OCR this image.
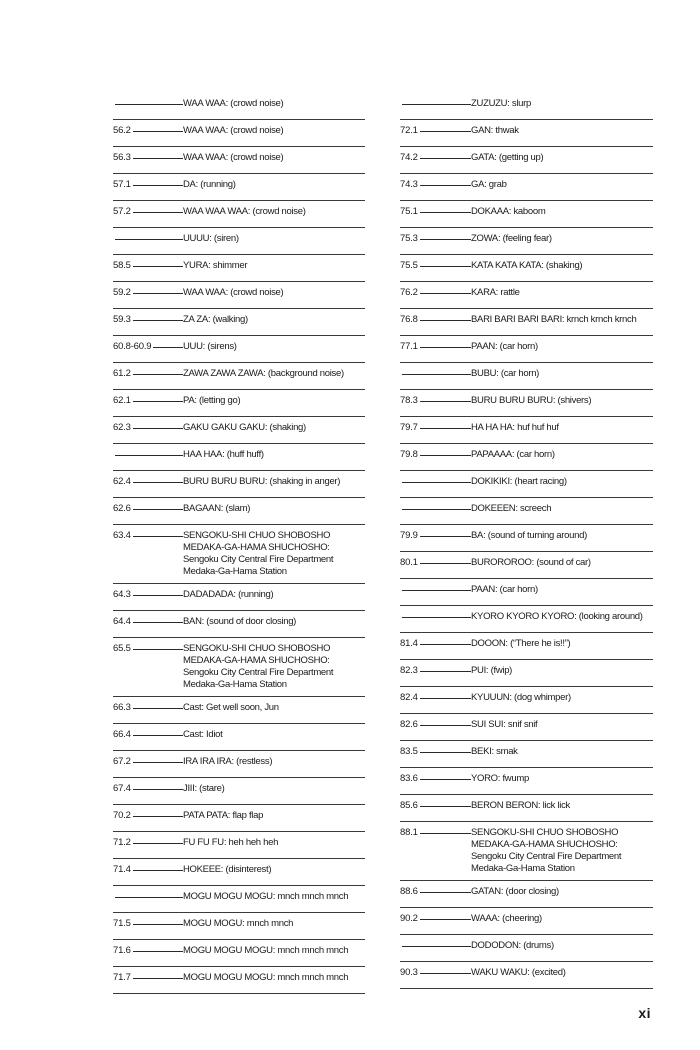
WAA WAA: (crowd noise)
56.2	WAA WAA: (crowd noise)
56.3	WAA WAA: (crowd noise)
57.1	DA: (running)
57.2	WAA WAA WAA: (crowd noise)
UUUU: (siren)
58.5	YURA: shimmer
59.2	WAA WAA: (crowd noise)
59.3	ZA ZA: (walking)
60.8-60.9	UUU: (sirens)
61.2	ZAWA ZAWA ZAWA: (background noise)
62.1	PA: (letting go)
62.3	GAKU GAKU GAKU: (shaking)
HAA HAA: (huff huff)
62.4	BURU BURU BURU: (shaking in anger)
62.6	BAGAAN: (slam)
63.4	SENGOKU-SHI CHUO SHOBOSHO MEDAKA-GA-HAMA SHUCHOSHO: Sengoku City Central Fire Department Medaka-Ga-Hama Station
64.3	DADADADA: (running)
64.4	BAN: (sound of door closing)
65.5	SENGOKU-SHI CHUO SHOBOSHO MEDAKA-GA-HAMA SHUCHOSHO: Sengoku City Central Fire Department Medaka-Ga-Hama Station
66.3	Cast: Get well soon, Jun
66.4	Cast: Idiot
67.2	IRA IRA IRA: (restless)
67.4	JIII: (stare)
70.2	PATA PATA: flap flap
71.2	FU FU FU: heh heh heh
71.4	HOKEEE: (disinterest)
MOGU MOGU MOGU: mnch mnch mnch
71.5	MOGU MOGU: mnch mnch
71.6	MOGU MOGU MOGU: mnch mnch mnch
71.7	MOGU MOGU MOGU: mnch mnch mnch
ZUZUZU: slurp
72.1	GAN: thwak
74.2	GATA: (getting up)
74.3	GA: grab
75.1	DOKAAA: kaboom
75.3	ZOWA: (feeling fear)
75.5	KATA KATA KATA: (shaking)
76.2	KARA: rattle
76.8	BARI BARI BARI BARI: krnch krnch krnch
77.1	PAAN: (car horn)
BUBU: (car horn)
78.3	BURU BURU BURU: (shivers)
79.7	HA HA HA: huf huf huf
79.8	PAPAAAA: (car horn)
DOKIKIKI: (heart racing)
DOKEEEN: screech
79.9	BA: (sound of turning around)
80.1	BUROROROO: (sound of car)
PAAN: (car horn)
KYORO KYORO KYORO: (looking around)
81.4	DOOON: (“There he is!!”)
82.3	PUI: (fwip)
82.4	KYUUUN: (dog whimper)
82.6	SUI SUI: snif snif
83.5	BEKI: smak
83.6	YORO: fwump
85.6	BERON BERON: lick lick
88.1	SENGOKU-SHI CHUO SHOBOSHO MEDAKA-GA-HAMA SHUCHOSHO: Sengoku City Central Fire Department Medaka-Ga-Hama Station
88.6	GATAN: (door closing)
90.2	WAAA: (cheering)
DODODON: (drums)
90.3	WAKU WAKU: (excited)
xi
